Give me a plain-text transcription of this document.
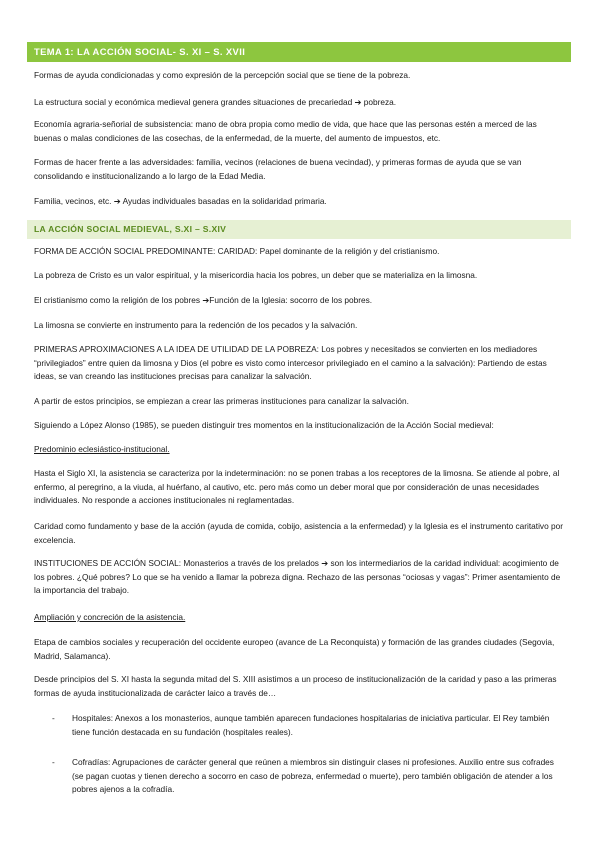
TEMA 1: LA ACCIÓN SOCIAL- S. XI – S. XVII

Formas de ayuda condicionadas y como expresión de la percepción social que se tiene de la pobreza.

La estructura social y económica medieval genera grandes situaciones de precariedad ➔ pobreza.

Economía agraria-señorial de subsistencia: mano de obra propia como medio de vida, que hace que las personas estén a merced de las buenas o malas condiciones de las cosechas, de la enfermedad, de la muerte, del aumento de impuestos, etc.

Formas de hacer frente a las adversidades: familia, vecinos (relaciones de buena vecindad), y primeras formas de ayuda que se van consolidando e institucionalizando a lo largo de la Edad Media.

Familia, vecinos, etc. ➔ Ayudas individuales basadas en la solidaridad primaria.

LA ACCIÓN SOCIAL MEDIEVAL, S.XI – S.XIV

FORMA DE ACCIÓN SOCIAL PREDOMINANTE: CARIDAD: Papel dominante de la religión y del cristianismo.

La pobreza de Cristo es un valor espiritual, y la misericordia hacia los pobres, un deber que se materializa en la limosna.

El cristianismo como la religión de los pobres ➔Función de la Iglesia: socorro de los pobres.

La limosna se convierte en instrumento para la redención de los pecados y la salvación.

PRIMERAS APROXIMACIONES A LA IDEA DE UTILIDAD DE LA POBREZA: Los pobres y necesitados se convierten en los mediadores “privilegiados” entre quien da limosna y Dios (el pobre es visto como intercesor privilegiado en el camino a la salvación): Partiendo de estas ideas, se van creando las instituciones precisas para canalizar la salvación.

A partir de estos principios, se empiezan a crear las primeras instituciones para canalizar la salvación.

Siguiendo a López Alonso (1985), se pueden distinguir tres momentos en la institucionalización de la Acción Social medieval:

Predominio eclesiástico-institucional.

Hasta el Siglo XI, la asistencia se caracteriza por la indeterminación: no se ponen trabas a los receptores de la limosna. Se atiende al pobre, al enfermo, al peregrino, a la viuda, al huérfano, al cautivo, etc. pero más como un deber moral que por consideración de unas necesidades individuales. No responde a acciones institucionales ni reglamentadas.

Caridad como fundamento y base de la acción (ayuda de comida, cobijo, asistencia a la enfermedad) y la Iglesia es el instrumento caritativo por excelencia.

INSTITUCIONES DE ACCIÓN SOCIAL: Monasterios a través de los prelados ➔ son los intermediarios de la caridad individual: acogimiento de los pobres. ¿Qué pobres? Lo que se ha venido a llamar la pobreza digna. Rechazo de las personas “ociosas y vagas”: Primer asentamiento de la importancia del trabajo.

Ampliación y concreción de la asistencia.

Etapa de cambios sociales y recuperación del occidente europeo (avance de La Reconquista) y formación de las grandes ciudades (Segovia, Madrid, Salamanca).

Desde principios del S. XI hasta la segunda mitad del S. XIII asistimos a un proceso de institucionalización de la caridad y paso a las primeras formas de ayuda institucionalizada de carácter laico a través de…

- Hospitales: Anexos a los monasterios, aunque también aparecen fundaciones hospitalarias de iniciativa particular. El Rey también tiene función destacada en su fundación (hospitales reales).

- Cofradías: Agrupaciones de carácter general que reúnen a miembros sin distinguir clases ni profesiones. Auxilio entre sus cofrades (se pagan cuotas y tienen derecho a socorro en caso de pobreza, enfermedad o muerte), pero también obligación de atender a los pobres ajenos a la cofradía.
